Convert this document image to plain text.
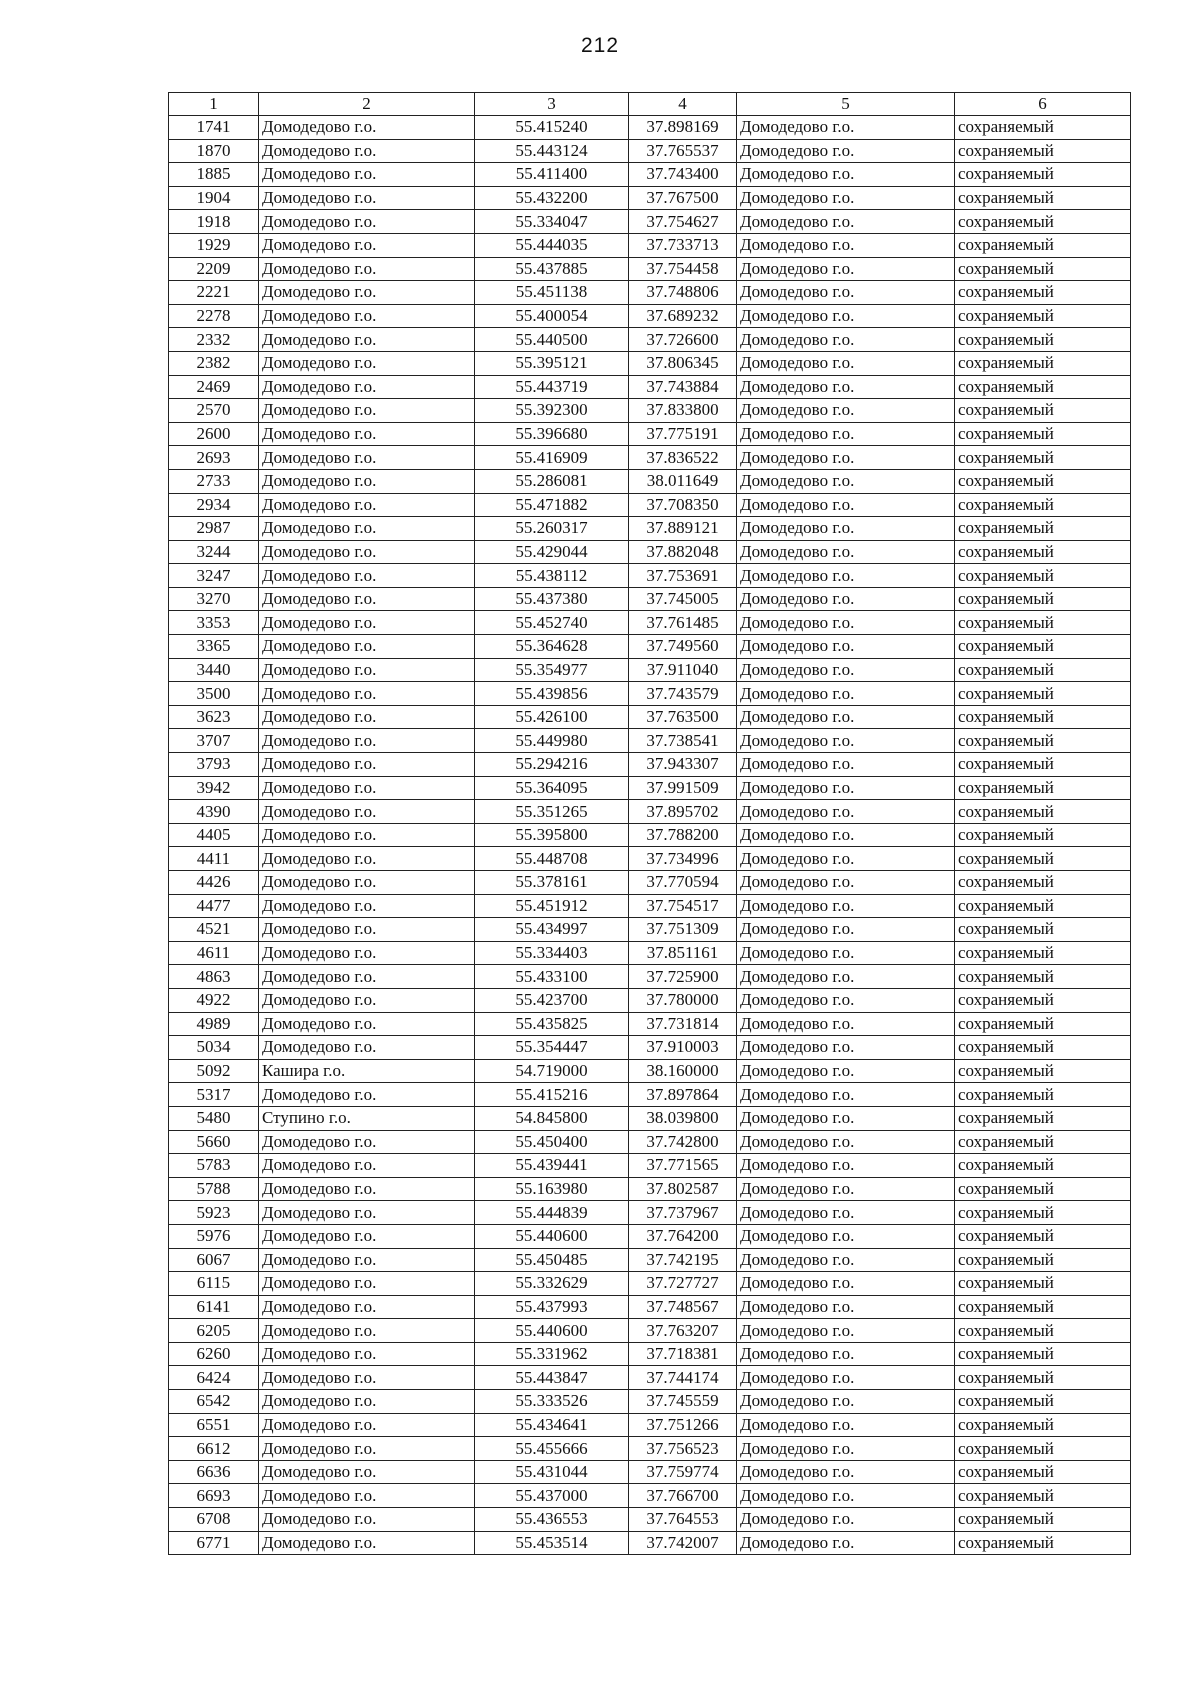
212
1	2	3	4	5	6
1741	Домодедово г.о.	55.415240	37.898169	Домодедово г.о.	сохраняемый
1870	Домодедово г.о.	55.443124	37.765537	Домодедово г.о.	сохраняемый
1885	Домодедово г.о.	55.411400	37.743400	Домодедово г.о.	сохраняемый
1904	Домодедово г.о.	55.432200	37.767500	Домодедово г.о.	сохраняемый
1918	Домодедово г.о.	55.334047	37.754627	Домодедово г.о.	сохраняемый
1929	Домодедово г.о.	55.444035	37.733713	Домодедово г.о.	сохраняемый
2209	Домодедово г.о.	55.437885	37.754458	Домодедово г.о.	сохраняемый
2221	Домодедово г.о.	55.451138	37.748806	Домодедово г.о.	сохраняемый
2278	Домодедово г.о.	55.400054	37.689232	Домодедово г.о.	сохраняемый
2332	Домодедово г.о.	55.440500	37.726600	Домодедово г.о.	сохраняемый
2382	Домодедово г.о.	55.395121	37.806345	Домодедово г.о.	сохраняемый
2469	Домодедово г.о.	55.443719	37.743884	Домодедово г.о.	сохраняемый
2570	Домодедово г.о.	55.392300	37.833800	Домодедово г.о.	сохраняемый
2600	Домодедово г.о.	55.396680	37.775191	Домодедово г.о.	сохраняемый
2693	Домодедово г.о.	55.416909	37.836522	Домодедово г.о.	сохраняемый
2733	Домодедово г.о.	55.286081	38.011649	Домодедово г.о.	сохраняемый
2934	Домодедово г.о.	55.471882	37.708350	Домодедово г.о.	сохраняемый
2987	Домодедово г.о.	55.260317	37.889121	Домодедово г.о.	сохраняемый
3244	Домодедово г.о.	55.429044	37.882048	Домодедово г.о.	сохраняемый
3247	Домодедово г.о.	55.438112	37.753691	Домодедово г.о.	сохраняемый
3270	Домодедово г.о.	55.437380	37.745005	Домодедово г.о.	сохраняемый
3353	Домодедово г.о.	55.452740	37.761485	Домодедово г.о.	сохраняемый
3365	Домодедово г.о.	55.364628	37.749560	Домодедово г.о.	сохраняемый
3440	Домодедово г.о.	55.354977	37.911040	Домодедово г.о.	сохраняемый
3500	Домодедово г.о.	55.439856	37.743579	Домодедово г.о.	сохраняемый
3623	Домодедово г.о.	55.426100	37.763500	Домодедово г.о.	сохраняемый
3707	Домодедово г.о.	55.449980	37.738541	Домодедово г.о.	сохраняемый
3793	Домодедово г.о.	55.294216	37.943307	Домодедово г.о.	сохраняемый
3942	Домодедово г.о.	55.364095	37.991509	Домодедово г.о.	сохраняемый
4390	Домодедово г.о.	55.351265	37.895702	Домодедово г.о.	сохраняемый
4405	Домодедово г.о.	55.395800	37.788200	Домодедово г.о.	сохраняемый
4411	Домодедово г.о.	55.448708	37.734996	Домодедово г.о.	сохраняемый
4426	Домодедово г.о.	55.378161	37.770594	Домодедово г.о.	сохраняемый
4477	Домодедово г.о.	55.451912	37.754517	Домодедово г.о.	сохраняемый
4521	Домодедово г.о.	55.434997	37.751309	Домодедово г.о.	сохраняемый
4611	Домодедово г.о.	55.334403	37.851161	Домодедово г.о.	сохраняемый
4863	Домодедово г.о.	55.433100	37.725900	Домодедово г.о.	сохраняемый
4922	Домодедово г.о.	55.423700	37.780000	Домодедово г.о.	сохраняемый
4989	Домодедово г.о.	55.435825	37.731814	Домодедово г.о.	сохраняемый
5034	Домодедово г.о.	55.354447	37.910003	Домодедово г.о.	сохраняемый
5092	Кашира г.о.	54.719000	38.160000	Домодедово г.о.	сохраняемый
5317	Домодедово г.о.	55.415216	37.897864	Домодедово г.о.	сохраняемый
5480	Ступино г.о.	54.845800	38.039800	Домодедово г.о.	сохраняемый
5660	Домодедово г.о.	55.450400	37.742800	Домодедово г.о.	сохраняемый
5783	Домодедово г.о.	55.439441	37.771565	Домодедово г.о.	сохраняемый
5788	Домодедово г.о.	55.163980	37.802587	Домодедово г.о.	сохраняемый
5923	Домодедово г.о.	55.444839	37.737967	Домодедово г.о.	сохраняемый
5976	Домодедово г.о.	55.440600	37.764200	Домодедово г.о.	сохраняемый
6067	Домодедово г.о.	55.450485	37.742195	Домодедово г.о.	сохраняемый
6115	Домодедово г.о.	55.332629	37.727727	Домодедово г.о.	сохраняемый
6141	Домодедово г.о.	55.437993	37.748567	Домодедово г.о.	сохраняемый
6205	Домодедово г.о.	55.440600	37.763207	Домодедово г.о.	сохраняемый
6260	Домодедово г.о.	55.331962	37.718381	Домодедово г.о.	сохраняемый
6424	Домодедово г.о.	55.443847	37.744174	Домодедово г.о.	сохраняемый
6542	Домодедово г.о.	55.333526	37.745559	Домодедово г.о.	сохраняемый
6551	Домодедово г.о.	55.434641	37.751266	Домодедово г.о.	сохраняемый
6612	Домодедово г.о.	55.455666	37.756523	Домодедово г.о.	сохраняемый
6636	Домодедово г.о.	55.431044	37.759774	Домодедово г.о.	сохраняемый
6693	Домодедово г.о.	55.437000	37.766700	Домодедово г.о.	сохраняемый
6708	Домодедово г.о.	55.436553	37.764553	Домодедово г.о.	сохраняемый
6771	Домодедово г.о.	55.453514	37.742007	Домодедово г.о.	сохраняемый
